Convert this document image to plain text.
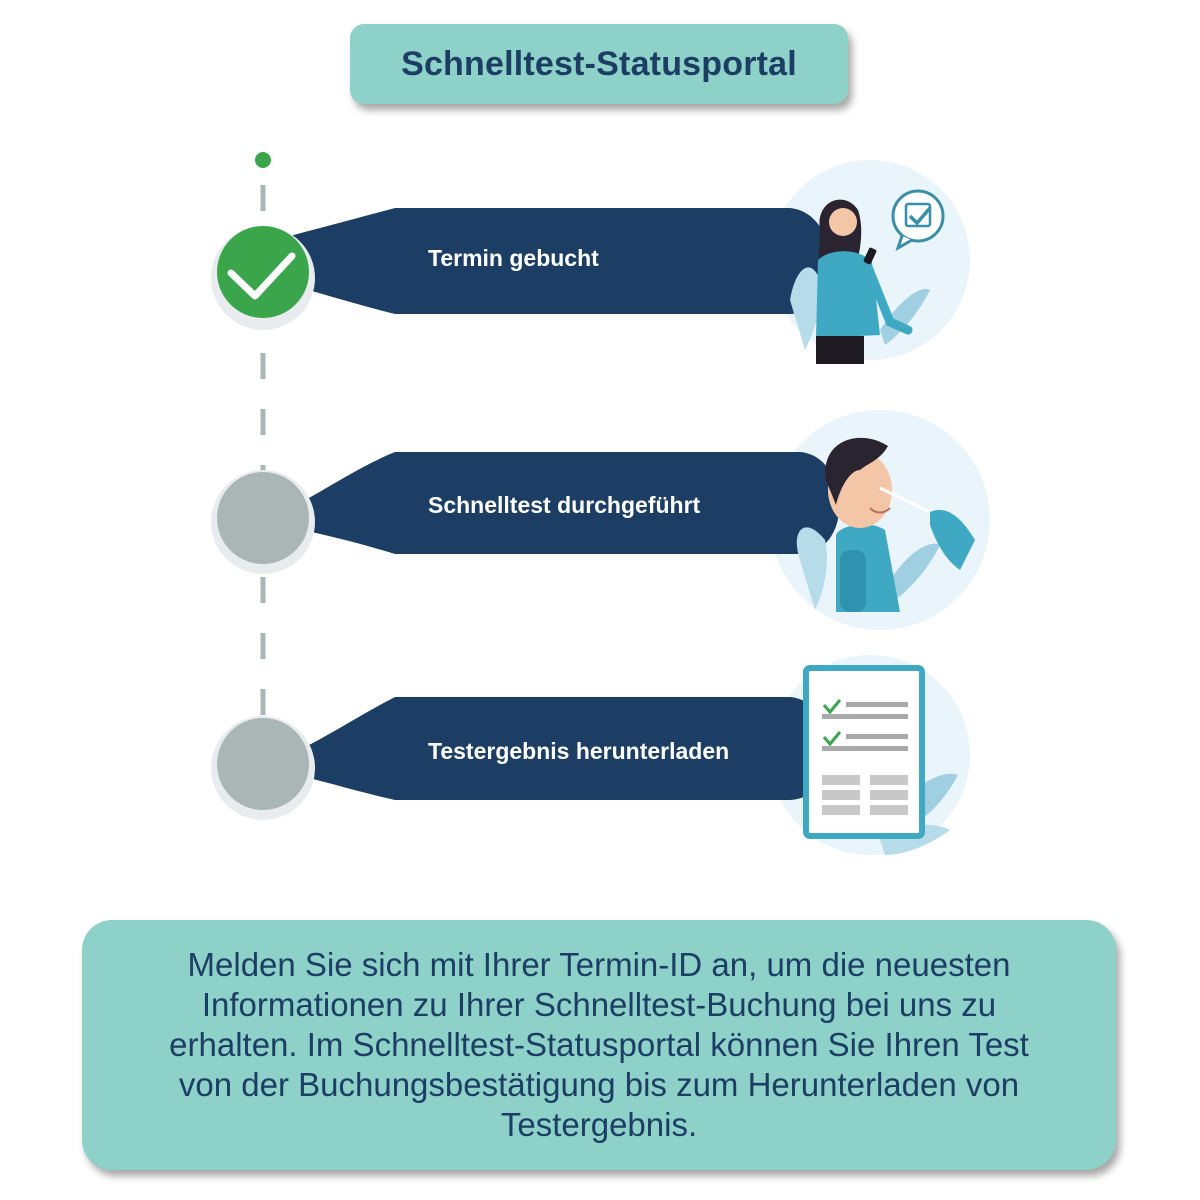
Schnelltest-Statusportal
Termin gebucht
Schnelltest durchgeführt
Testergebnis herunterladen

Melden Sie sich mit Ihrer Termin-ID an, um die neuesten Informationen zu Ihrer Schnelltest-Buchung bei uns zu erhalten. Im Schnelltest-Statusportal können Sie Ihren Test von der Buchungsbestätigung bis zum Herunterladen von Testergebnis.
